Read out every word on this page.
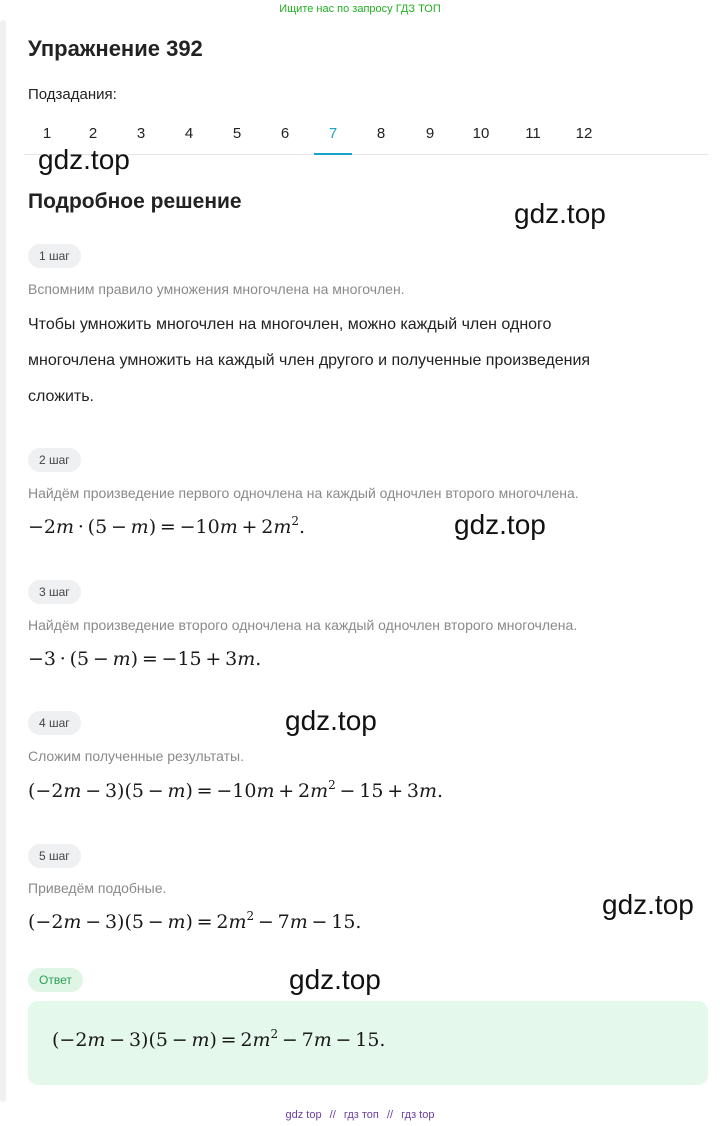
Ищите нас по запросу ГДЗ ТОП
Упражнение 392
Подзадания:
1	2	3	4	5	6	7	8	9	10	11	12
Подробное решение
1 шаг
Вспомним правило умножения многочлена на многочлен.
Чтобы умножить многочлен на многочлен, можно каждый член одного
многочлена умножить на каждый член другого и полученные произведения
сложить.
2 шаг
Найдём произведение первого одночлена на каждый одночлен второго многочлена.
−2m  ·  (5  −  m)  =  −10m  +  $2m^2$.
3 шаг
Найдём произведение второго одночлена на каждый одночлен второго многочлена.
−3  ·  (5  −  m)  =  −15  +  3m.
4 шаг
Сложим полученные результаты.
(−2m  −  3)(5  −  m)  =  −10m  +  $2m^2$  −  15  +  3m.
5 шаг
Приведём подобные.
(−2m  −  3)(5  −  m)  =  $2m^2$  −  7m  −  15.
Ответ
(−2m  −  3)(5  −  m)  =  $2m^2$  −  7m  −  15.
gdz.top
gdz.top
gdz.top
gdz.top
gdz.top
gdz.top
gdz top // гдз топ // гдз top
